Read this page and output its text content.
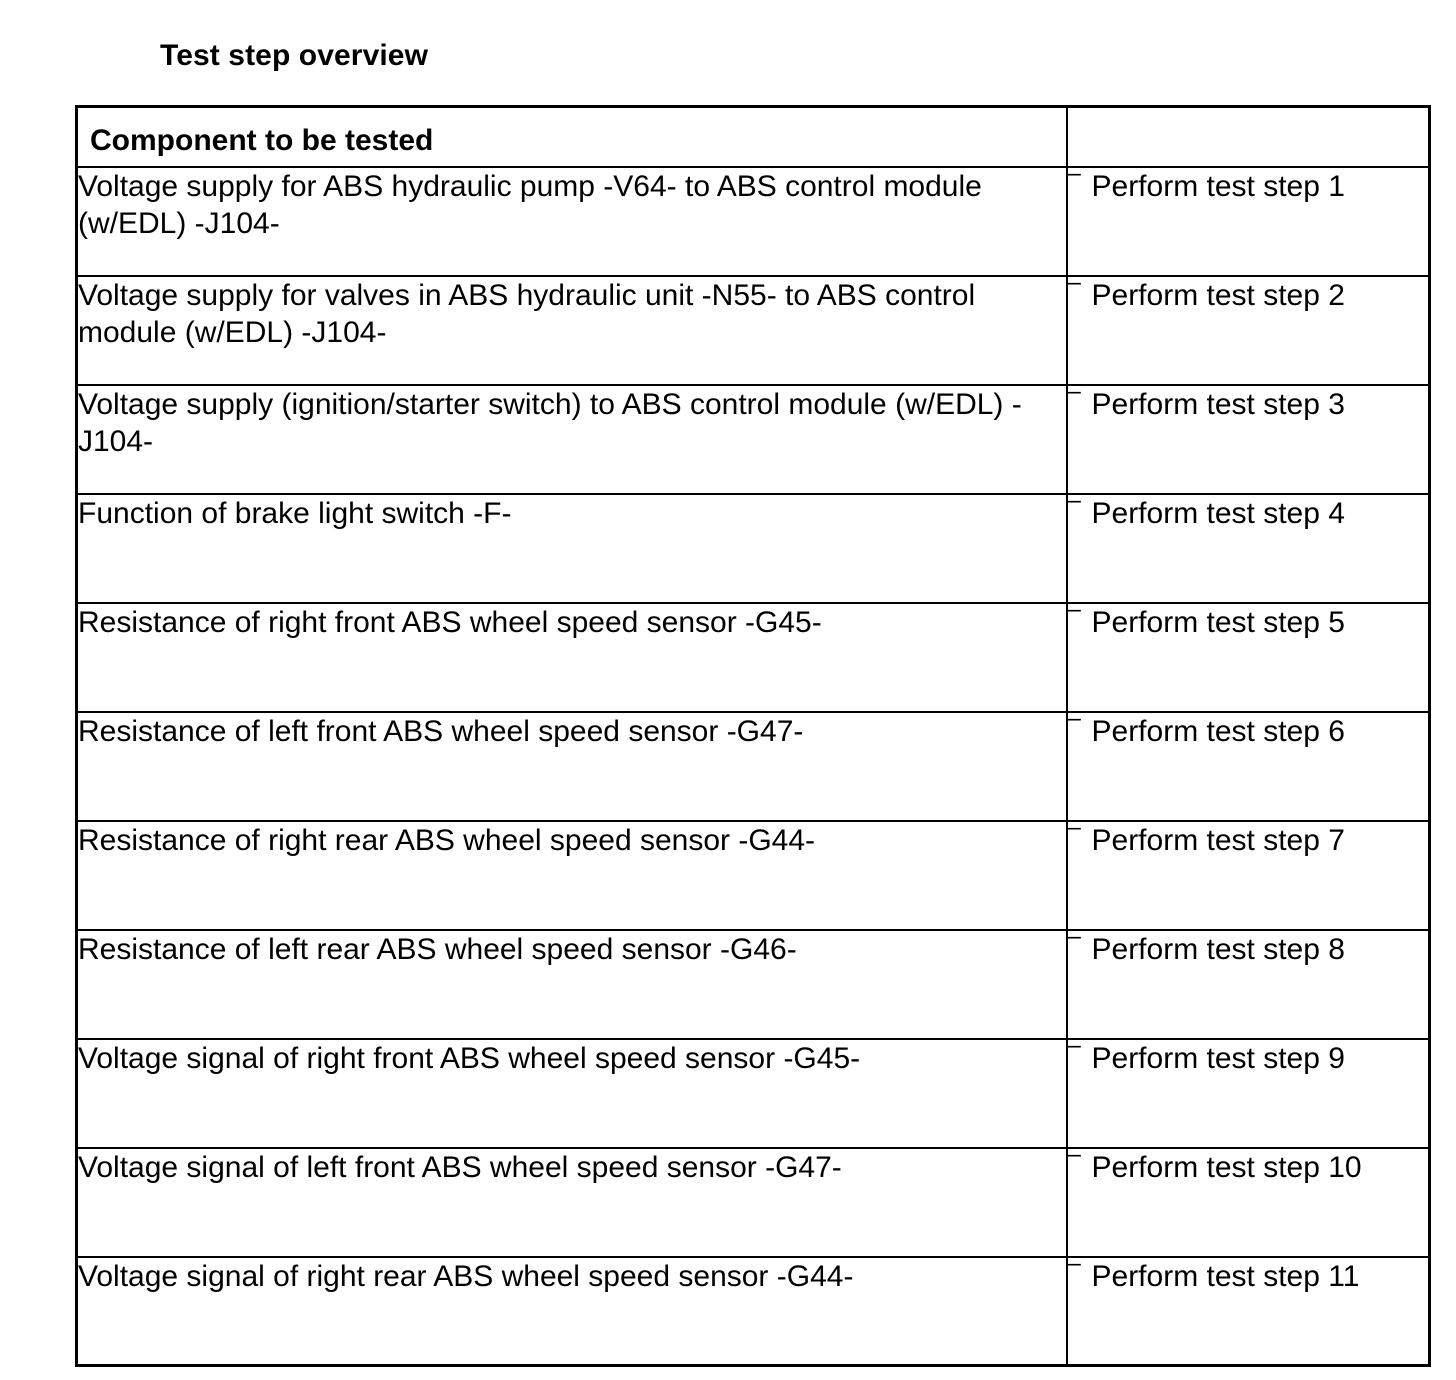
Test step overview
Component to be tested	
Voltage supply for ABS hydraulic pump -V64- to ABS control module (w/EDL) -J104-	– Perform test step 1

Voltage supply for valves in ABS hydraulic unit -N55- to ABS control module (w/EDL) -J104-	– Perform test step 2

Voltage supply (ignition/starter switch) to ABS control module (w/EDL) -J104-	– Perform test step 3

Function of brake light switch -F-	– Perform test step 4

Resistance of right front ABS wheel speed sensor -G45-	– Perform test step 5

Resistance of left front ABS wheel speed sensor -G47-	– Perform test step 6

Resistance of right rear ABS wheel speed sensor -G44-	– Perform test step 7

Resistance of left rear ABS wheel speed sensor -G46-	– Perform test step 8

Voltage signal of right front ABS wheel speed sensor -G45-	– Perform test step 9

Voltage signal of left front ABS wheel speed sensor -G47-	– Perform test step 10

Voltage signal of right rear ABS wheel speed sensor -G44-	– Perform test step 11
